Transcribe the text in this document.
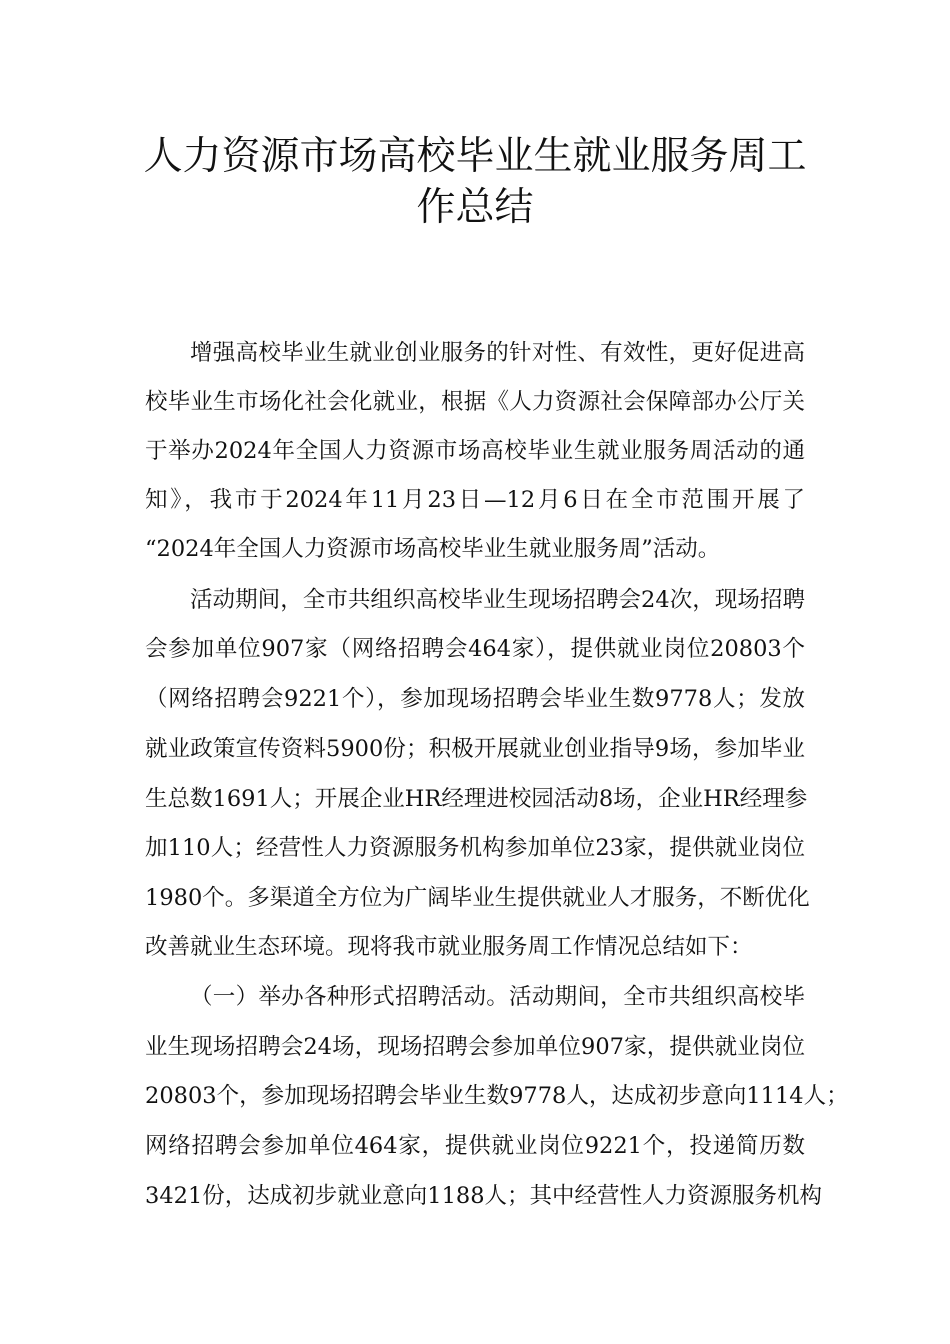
人力资源市场高校毕业生就业服务周工
作总结
增强高校毕业生就业创业服务的针对性、有效性，更好促进高
校毕业生市场化社会化就业，根据《人力资源社会保障部办公厅关
于举办2024年全国人力资源市场高校毕业生就业服务周活动的通
知》，我市于2024年11月23日—12月6日在全市范围开展了
“2024年全国人力资源市场高校毕业生就业服务周”活动。
活动期间，全市共组织高校毕业生现场招聘会24次，现场招聘
会参加单位907家（网络招聘会464家），提供就业岗位20803个
（网络招聘会9221个），参加现场招聘会毕业生数9778人；发放
就业政策宣传资料5900份；积极开展就业创业指导9场，参加毕业
生总数1691人；开展企业HR经理进校园活动8场，企业HR经理参
加110人；经营性人力资源服务机构参加单位23家，提供就业岗位
1980个。多渠道全方位为广阔毕业生提供就业人才服务，不断优化
改善就业生态环境。现将我市就业服务周工作情况总结如下：
（一）举办各种形式招聘活动。活动期间，全市共组织高校毕
业生现场招聘会24场，现场招聘会参加单位907家，提供就业岗位
20803个，参加现场招聘会毕业生数9778人，达成初步意向1114人；
网络招聘会参加单位464家，提供就业岗位9221个，投递简历数
3421份，达成初步就业意向1188人；其中经营性人力资源服务机构
